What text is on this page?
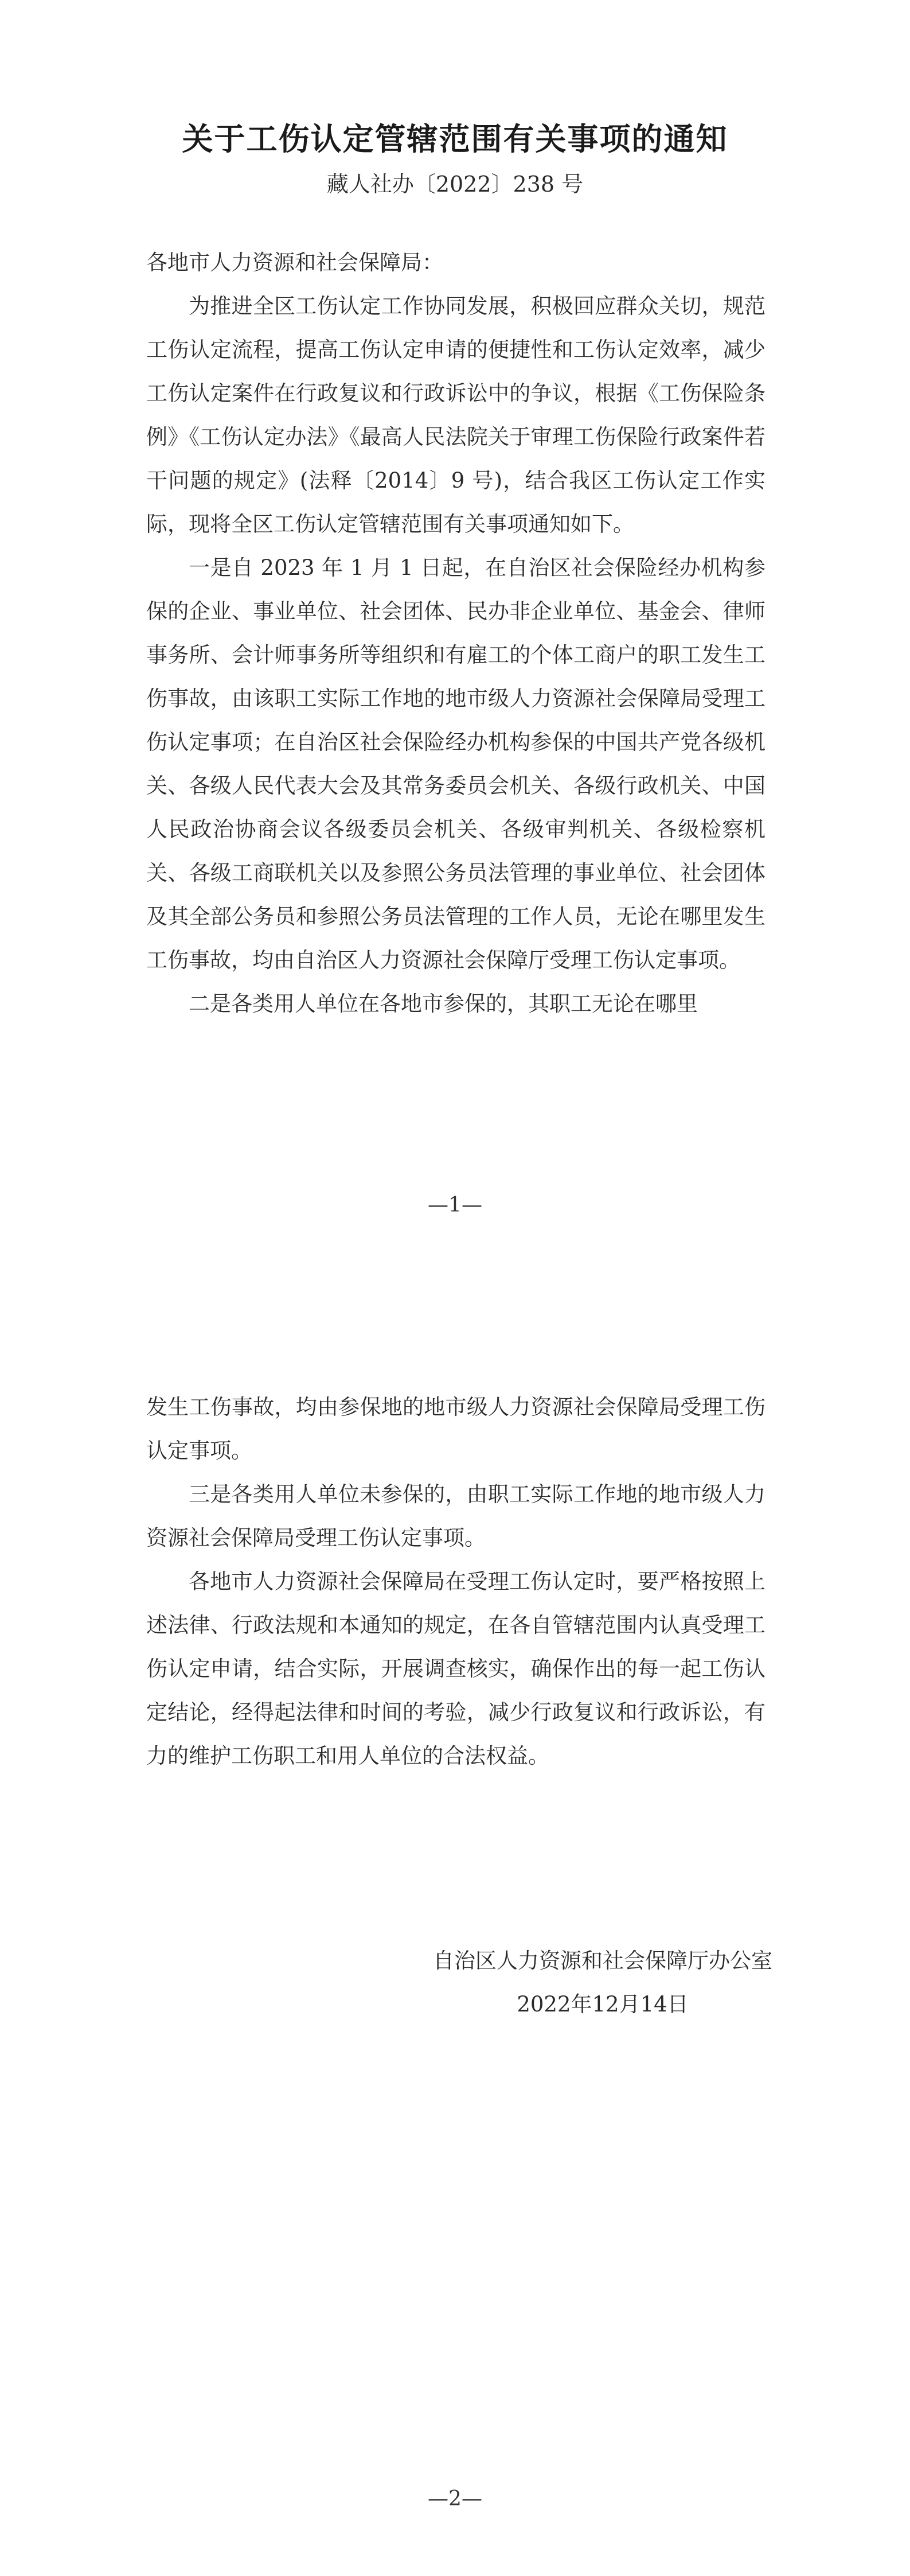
关于工伤认定管辖范围有关事项的通知
藏人社办〔2022〕238 号

各地市人力资源和社会保障局：

为推进全区工伤认定工作协同发展，积极回应群众关切，规范工伤认定流程，提高工伤认定申请的便捷性和工伤认定效率，减少工伤认定案件在行政复议和行政诉讼中的争议，根据《工伤保险条例》《工伤认定办法》《最高人民法院关于审理工伤保险行政案件若干问题的规定》(法释〔2014〕9 号)，结合我区工伤认定工作实际，现将全区工伤认定管辖范围有关事项通知如下。

一是自 2023 年 1 月 1 日起，在自治区社会保险经办机构参保的企业、事业单位、社会团体、民办非企业单位、基金会、律师事务所、会计师事务所等组织和有雇工的个体工商户的职工发生工伤事故，由该职工实际工作地的地市级人力资源社会保障局受理工伤认定事项；在自治区社会保险经办机构参保的中国共产党各级机关、各级人民代表大会及其常务委员会机关、各级行政机关、中国人民政治协商会议各级委员会机关、各级审判机关、各级检察机关、各级工商联机关以及参照公务员法管理的事业单位、社会团体及其全部公务员和参照公务员法管理的工作人员，无论在哪里发生工伤事故，均由自治区人力资源社会保障厅受理工伤认定事项。

二是各类用人单位在各地市参保的，其职工无论在哪里

—1—

发生工伤事故，均由参保地的地市级人力资源社会保障局受理工伤认定事项。

三是各类用人单位未参保的，由职工实际工作地的地市级人力资源社会保障局受理工伤认定事项。

各地市人力资源社会保障局在受理工伤认定时，要严格按照上述法律、行政法规和本通知的规定，在各自管辖范围内认真受理工伤认定申请，结合实际，开展调查核实，确保作出的每一起工伤认定结论，经得起法律和时间的考验，减少行政复议和行政诉讼，有力的维护工伤职工和用人单位的合法权益。

自治区人力资源和社会保障厅办公室
2022年12月14日
—2—
